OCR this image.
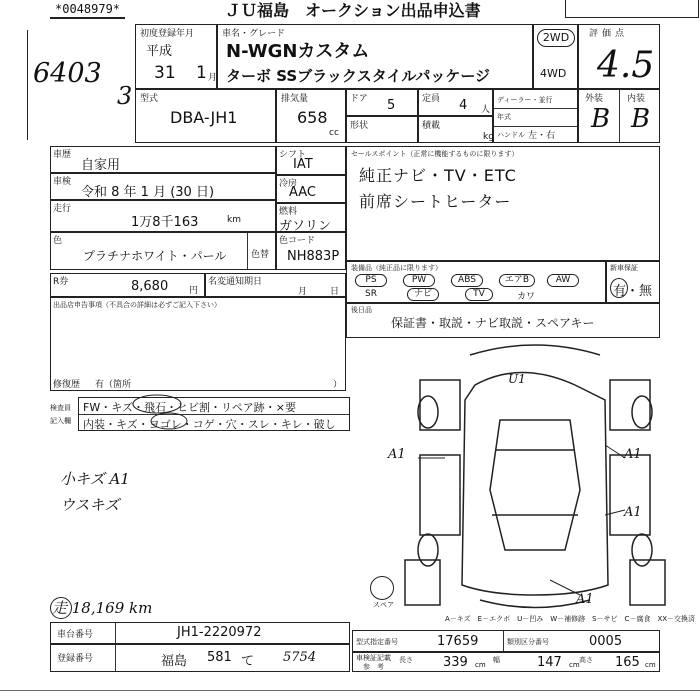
*0048979*	ＪＵ福島　オークション出品申込書
6403
3
初度登録年月
平成
31 1 月
車名・グレード
N-WGNカスタム
ターボ SSブラックスタイルパッケージ
2WD
4WD
評価点
4.5
型式
DBA-JH1
排気量
658
cc
ドア 5	定員 4 人
形状	積載
kg
ディーラー・並行
年式
ハンドル 左・右
外装	内装
B B
車歴
自家用
車検
令和 8 年 1 月 (30 日)
走行
1万8千163	km
シフト
IAT
冷房
AAC
燃料
ガソリン
色
プラチナホワイト・パール	色替
色コード
NH883P
セールスポイント（正常に機能するものに限ります）
純正ナビ・TV・ETC
前席シートヒーター
R券	8,680 円
名変通知期日
月	日
出品店申告事項（不具合の詳細は必ずご記入下さい）
修復歴 有（箇所	）
装備品（純正品に限ります）
PS	PW	ABS	エアB	AW
SR	ナビ	TV	カワ
新車保証
有・無
後日品
保証書・取説・ナビ取説・スペアキー
検査員
記入欄
FW・キズ・飛石・ヒビ割・リペア跡・×要
内装・キズ・ヨゴレ・コゲ・穴・スレ・キレ・破し
小キズ A1
ウスキズ
走 18,169 km
A1	A1
A1
A1
U1
スペア
A－キズ　E－エクボ　U－凹み　W－補修跡　S－サビ　C－腐食　XX－交換済
車台番号	JH1-2220972
登録番号	福島 581 て 5754
型式指定番号	17659	類別区分番号	0005
車検証記載
参　考
長さ 339 cm
幅	147 cm
高さ 165 cm
